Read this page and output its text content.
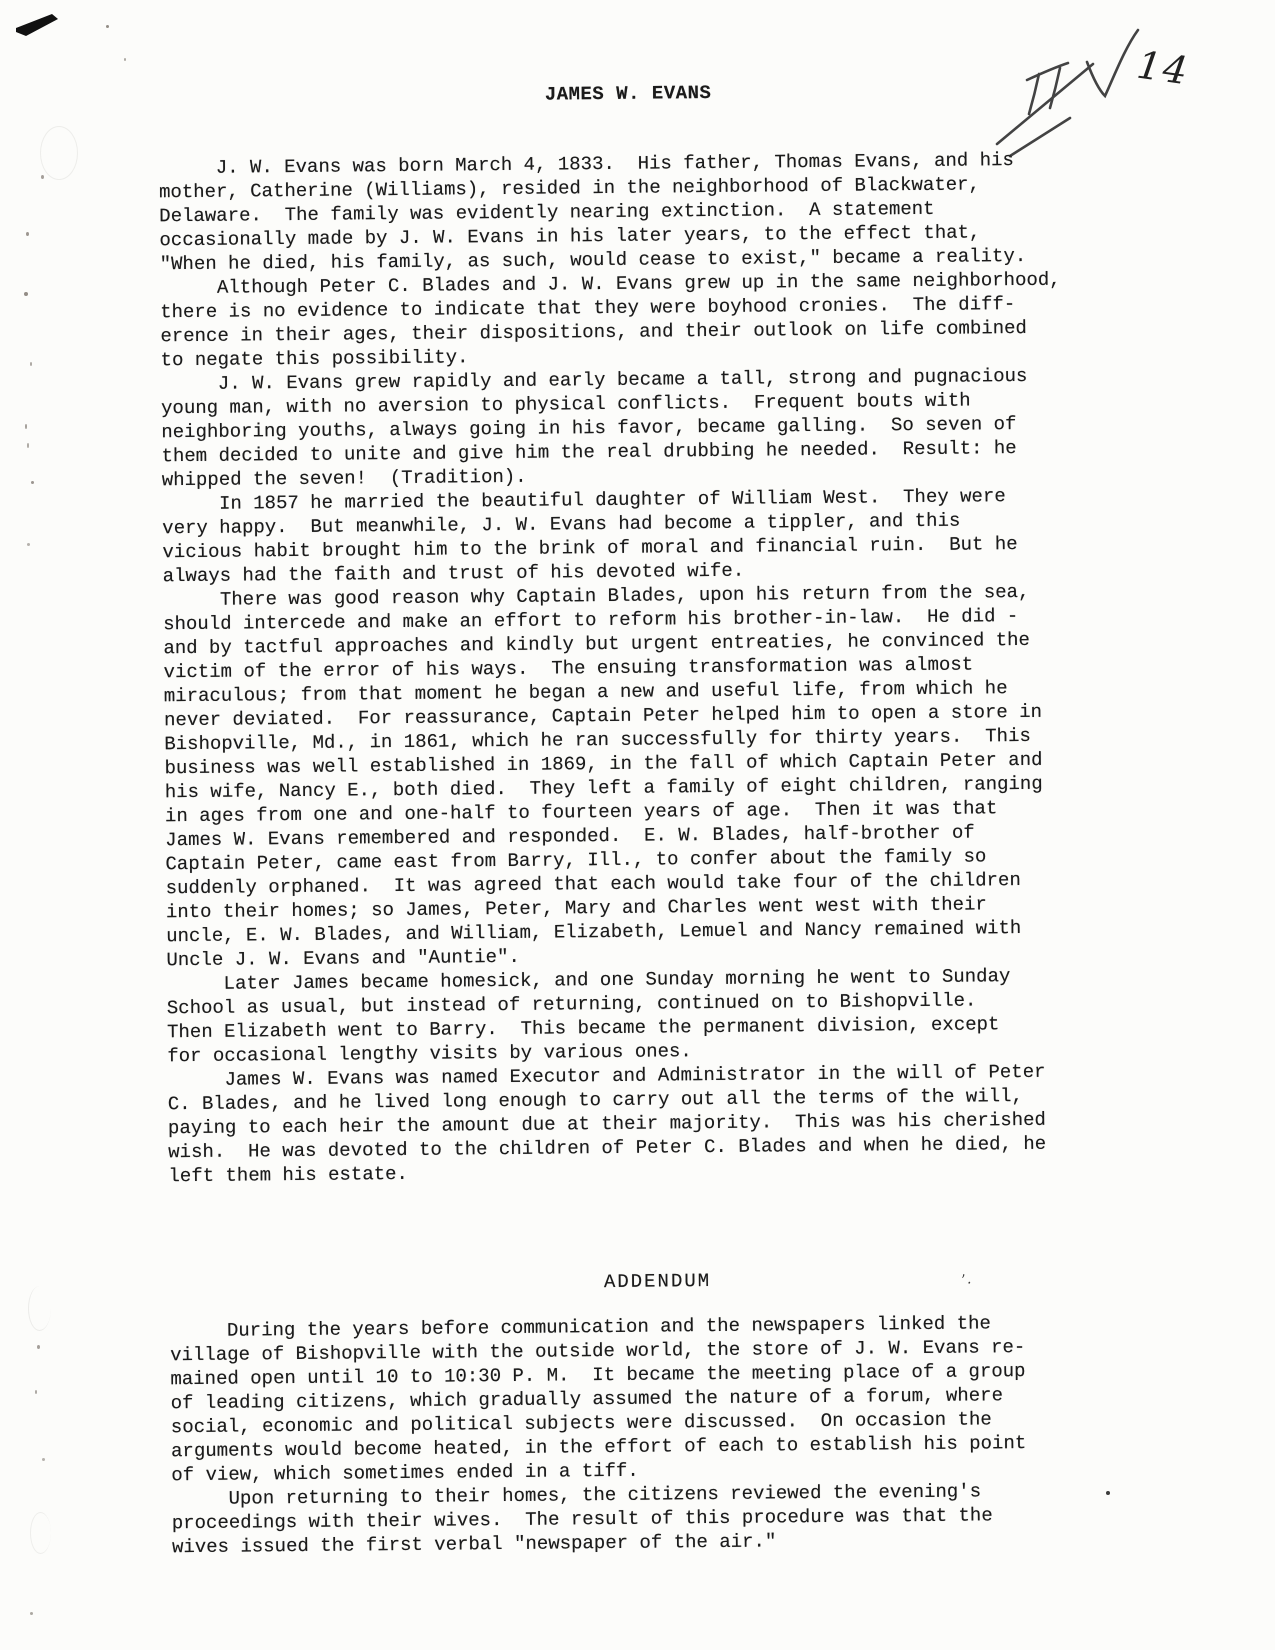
JAMES W. EVANS
J. W. Evans was born March 4, 1833.  His father, Thomas Evans, and his
mother, Catherine (Williams), resided in the neighborhood of Blackwater,
Delaware.  The family was evidently nearing extinction.  A statement
occasionally made by J. W. Evans in his later years, to the effect that,
"When he died, his family, as such, would cease to exist," became a reality.
Although Peter C. Blades and J. W. Evans grew up in the same neighborhood,
there is no evidence to indicate that they were boyhood cronies.  The diff-
erence in their ages, their dispositions, and their outlook on life combined
to negate this possibility.
J. W. Evans grew rapidly and early became a tall, strong and pugnacious
young man, with no aversion to physical conflicts.  Frequent bouts with
neighboring youths, always going in his favor, became galling.  So seven of
them decided to unite and give him the real drubbing he needed.  Result: he
whipped the seven!  (Tradition).
In 1857 he married the beautiful daughter of William West.  They were
very happy.  But meanwhile, J. W. Evans had become a tippler, and this
vicious habit brought him to the brink of moral and financial ruin.  But he
always had the faith and trust of his devoted wife.
There was good reason why Captain Blades, upon his return from the sea,
should intercede and make an effort to reform his brother-in-law.  He did -
and by tactful approaches and kindly but urgent entreaties, he convinced the
victim of the error of his ways.  The ensuing transformation was almost
miraculous; from that moment he began a new and useful life, from which he
never deviated.  For reassurance, Captain Peter helped him to open a store in
Bishopville, Md., in 1861, which he ran successfully for thirty years.  This
business was well established in 1869, in the fall of which Captain Peter and
his wife, Nancy E., both died.  They left a family of eight children, ranging
in ages from one and one-half to fourteen years of age.  Then it was that
James W. Evans remembered and responded.  E. W. Blades, half-brother of
Captain Peter, came east from Barry, Ill., to confer about the family so
suddenly orphaned.  It was agreed that each would take four of the children
into their homes; so James, Peter, Mary and Charles went west with their
uncle, E. W. Blades, and William, Elizabeth, Lemuel and Nancy remained with
Uncle J. W. Evans and "Auntie".
Later James became homesick, and one Sunday morning he went to Sunday
School as usual, but instead of returning, continued on to Bishopville.
Then Elizabeth went to Barry.  This became the permanent division, except
for occasional lengthy visits by various ones.
James W. Evans was named Executor and Administrator in the will of Peter
C. Blades, and he lived long enough to carry out all the terms of the will,
paying to each heir the amount due at their majority.  This was his cherished
wish.  He was devoted to the children of Peter C. Blades and when he died, he
left them his estate.
ADDENDUM
During the years before communication and the newspapers linked the
village of Bishopville with the outside world, the store of J. W. Evans re-
mained open until 10 to 10:30 P. M.  It became the meeting place of a group
of leading citizens, which gradually assumed the nature of a forum, where
social, economic and political subjects were discussed.  On occasion the
arguments would become heated, in the effort of each to establish his point
of view, which sometimes ended in a tiff.
Upon returning to their homes, the citizens reviewed the evening's
proceedings with their wives.  The result of this procedure was that the
wives issued the first verbal "newspaper of the air."
14
’.
